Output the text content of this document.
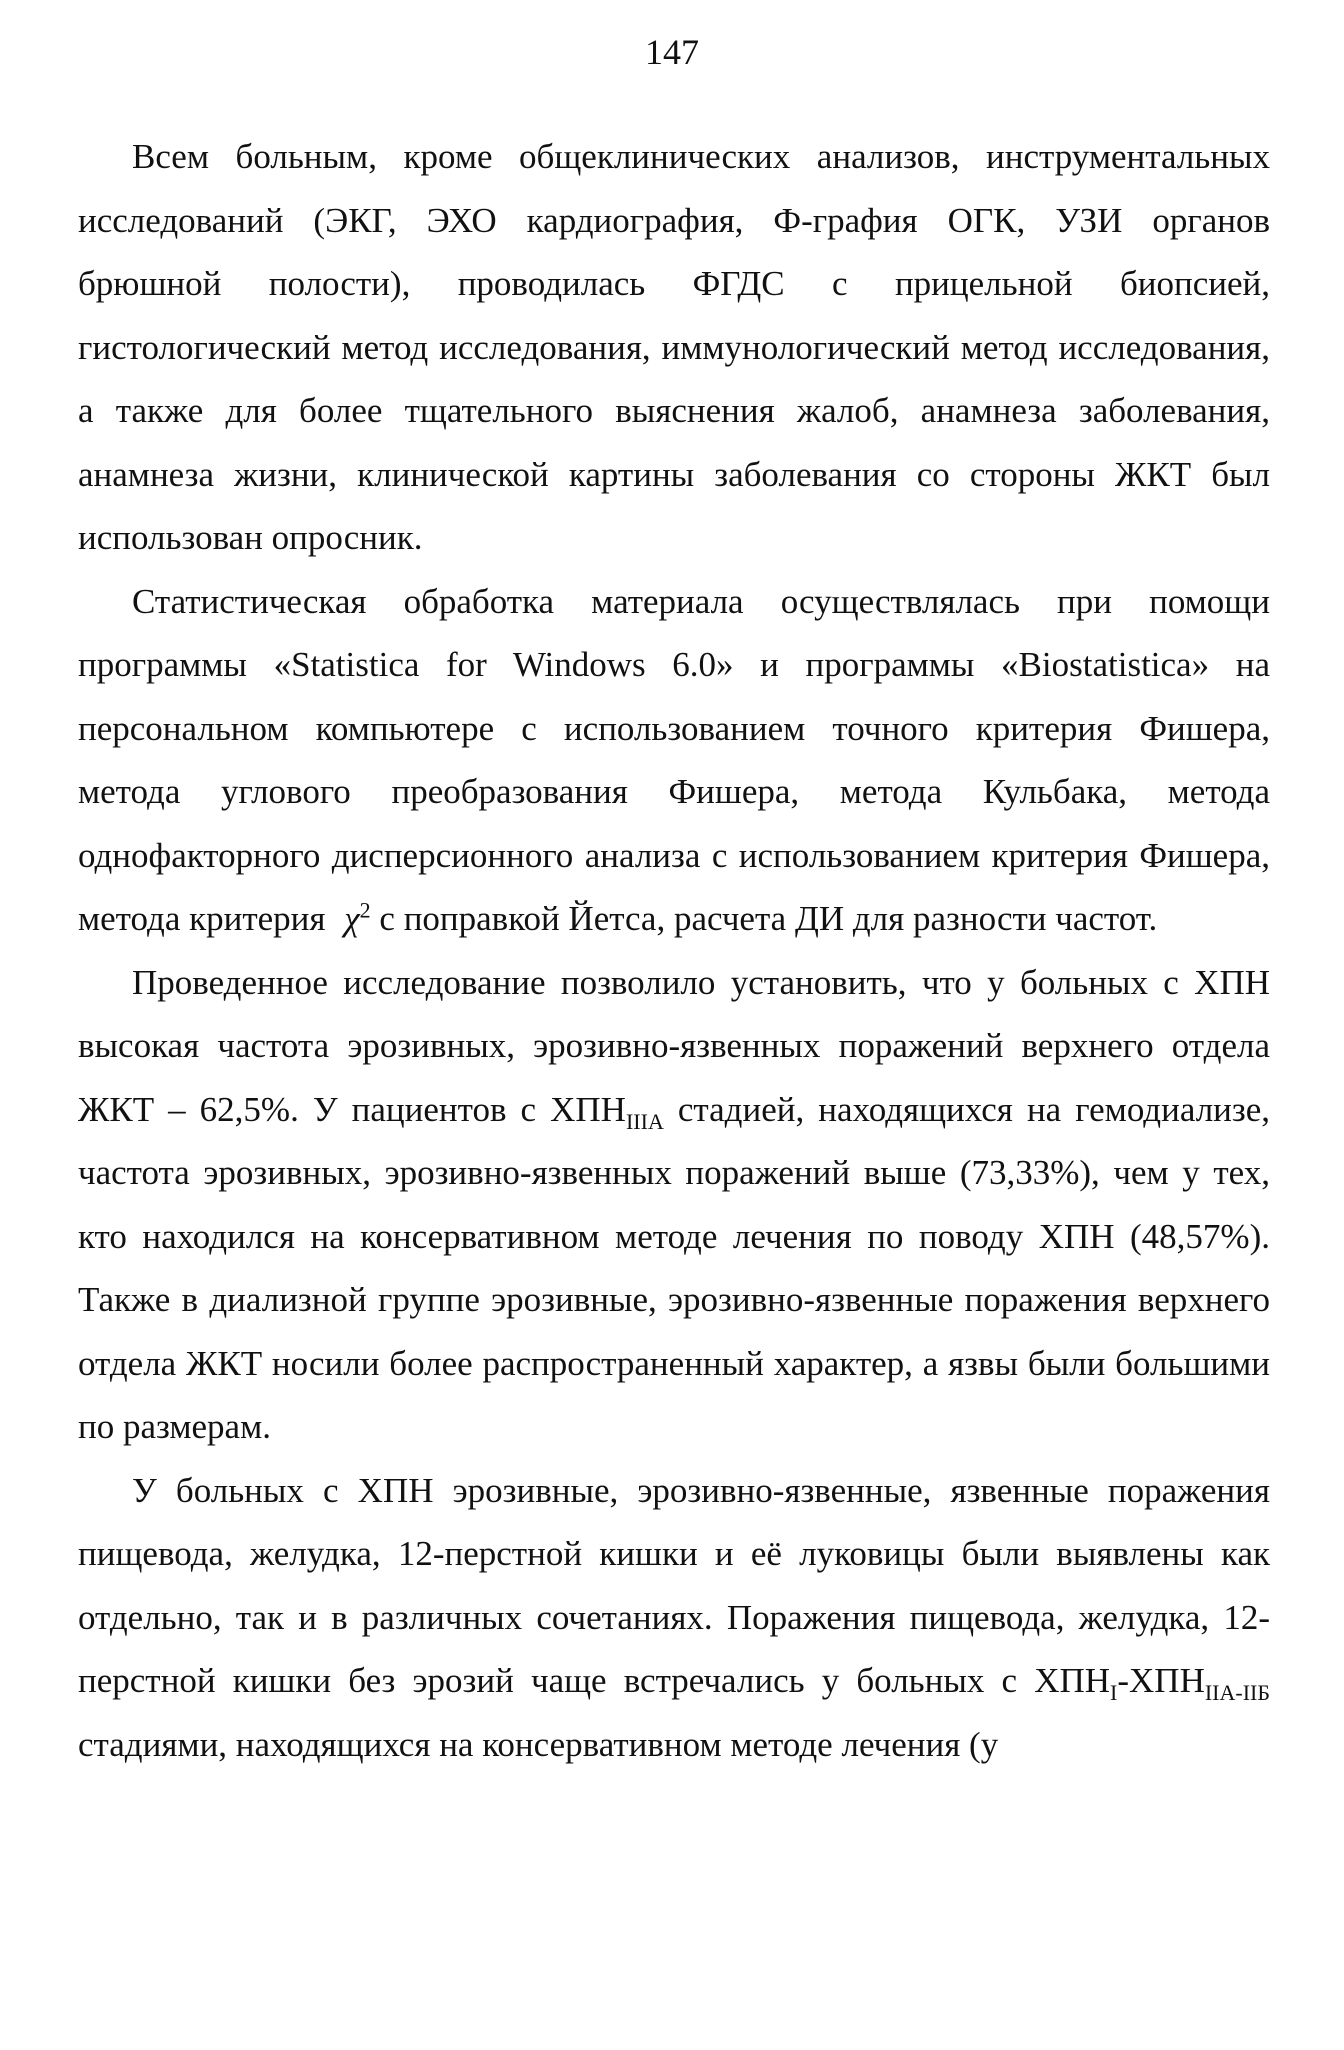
147

Всем больным, кроме общеклинических анализов, инструментальных исследований (ЭКГ, ЭХО кардиография, Ф-графия ОГК, УЗИ органов брюшной полости), проводилась ФГДС с прицельной биопсией, гистологический метод исследования, иммунологический метод исследования, а также для более тщательного выяснения жалоб, анамнеза заболевания, анамнеза жизни, клинической картины заболевания со стороны ЖКТ был использован опросник.

Статистическая обработка материала осуществлялась при помощи программы «Statistica for Windows 6.0» и программы «Biostatistica» на персональном компьютере с использованием точного критерия Фишера, метода углового преобразования Фишера, метода Кульбака, метода однофакторного дисперсионного анализа с использованием критерия Фишера, метода критерия $\chi^2$ с поправкой Йетса, расчета ДИ для разности частот.

Проведенное исследование позволило установить, что у больных с ХПН высокая частота эрозивных, эрозивно-язвенных поражений верхнего отдела ЖКТ – 62,5%. У пациентов с $ХПН_{IIIA}$ стадией, находящихся на гемодиализе, частота эрозивных, эрозивно-язвенных поражений выше (73,33%), чем у тех, кто находился на консервативном методе лечения по поводу ХПН (48,57%). Также в диализной группе эрозивные, эрозивно-язвенные поражения верхнего отдела ЖКТ носили более распространенный характер, а язвы были большими по размерам.

У больных с ХПН эрозивные, эрозивно-язвенные, язвенные поражения пищевода, желудка, 12-перстной кишки и её луковицы были выявлены как отдельно, так и в различных сочетаниях. Поражения пищевода, желудка, 12-перстной кишки без эрозий чаще встречались у больных с $ХПН_I-ХПН_{IIA-IIБ}$ стадиями, находящихся на консервативном методе лечения (у
